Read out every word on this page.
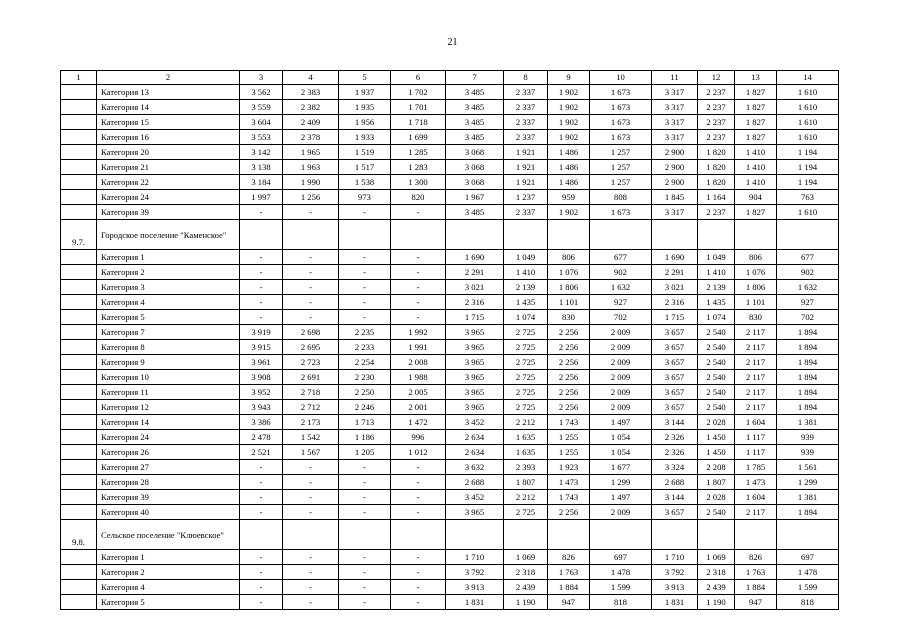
21
1	2	3	4	5	6	7	8	9	10	11	12	13	14
	Категория 13	3 562	2 383	1 937	1 702	3 485	2 337	1 902	1 673	3 317	2 237	1 827	1 610
	Категория 14	3 559	2 382	1 935	1 701	3 485	2 337	1 902	1 673	3 317	2 237	1 827	1 610
	Категория 15	3 604	2 409	1 956	1 718	3 485	2 337	1 902	1 673	3 317	2 237	1 827	1 610
	Категория 16	3 553	2 378	1 933	1 699	3 485	2 337	1 902	1 673	3 317	2 237	1 827	1 610
	Категория 20	3 142	1 965	1 519	1 285	3 068	1 921	1 486	1 257	2 900	1 820	1 410	1 194
	Категория 21	3 138	1 963	1 517	1 283	3 068	1 921	1 486	1 257	2 900	1 820	1 410	1 194
	Категория 22	3 184	1 990	1 538	1 300	3 068	1 921	1 486	1 257	2 900	1 820	1 410	1 194
	Категория 24	1 997	1 256	973	820	1 967	1 237	959	808	1 845	1 164	904	763
	Категория 39	-	-	-	-	3 485	2 337	1 902	1 673	3 317	2 237	1 827	1 610
9.7.	Городское поселение "Каменское"												
	Категория 1	-	-	-	-	1 690	1 049	806	677	1 690	1 049	806	677
	Категория 2	-	-	-	-	2 291	1 410	1 076	902	2 291	1 410	1 076	902
	Категория 3	-	-	-	-	3 021	2 139	1 806	1 632	3 021	2 139	1 806	1 632
	Категория 4	-	-	-	-	2 316	1 435	1 101	927	2 316	1 435	1 101	927
	Категория 5	-	-	-	-	1 715	1 074	830	702	1 715	1 074	830	702
	Категория 7	3 919	2 698	2 235	1 992	3 965	2 725	2 256	2 009	3 657	2 540	2 117	1 894
	Категория 8	3 915	2 695	2 233	1 991	3 965	2 725	2 256	2 009	3 657	2 540	2 117	1 894
	Категория 9	3 961	2 723	2 254	2 008	3 965	2 725	2 256	2 009	3 657	2 540	2 117	1 894
	Категория 10	3 908	2 691	2 230	1 988	3 965	2 725	2 256	2 009	3 657	2 540	2 117	1 894
	Категория 11	3 952	2 718	2 250	2 005	3 965	2 725	2 256	2 009	3 657	2 540	2 117	1 894
	Категория 12	3 943	2 712	2 246	2 001	3 965	2 725	2 256	2 009	3 657	2 540	2 117	1 894
	Категория 14	3 386	2 173	1 713	1 472	3 452	2 212	1 743	1 497	3 144	2 028	1 604	1 381
	Категория 24	2 478	1 542	1 186	996	2 634	1 635	1 255	1 054	2 326	1 450	1 117	939
	Категория 26	2 521	1 567	1 205	1 012	2 634	1 635	1 255	1 054	2 326	1 450	1 117	939
	Категория 27	-	-	-	-	3 632	2 393	1 923	1 677	3 324	2 208	1 785	1 561
	Категория 28	-	-	-	-	2 688	1 807	1 473	1 299	2 688	1 807	1 473	1 299
	Категория 39	-	-	-	-	3 452	2 212	1 743	1 497	3 144	2 028	1 604	1 381
	Категория 40	-	-	-	-	3 965	2 725	2 256	2 009	3 657	2 540	2 117	1 894
9.8.	Сельское поселение "Клюевское"												
	Категория 1	-	-	-	-	1 710	1 069	826	697	1 710	1 069	826	697
	Категория 2	-	-	-	-	3 792	2 318	1 763	1 478	3 792	2 318	1 763	1 478
	Категория 4	-	-	-	-	3 913	2 439	1 884	1 599	3 913	2 439	1 884	1 599
	Категория 5	-	-	-	-	1 831	1 190	947	818	1 831	1 190	947	818
